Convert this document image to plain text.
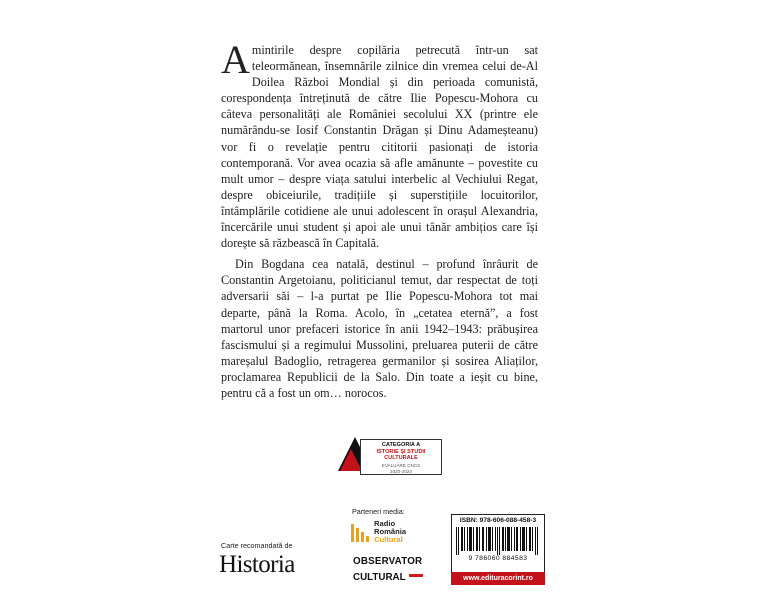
Amintirile despre copilăria petrecută într-un sat teleormănean, însemnările zilnice din vremea celui de-Al Doilea Război Mondial și din perioada comunistă, corespondența întreținută de către Ilie Popescu-Mohora cu câteva personalități ale României secolului XX (printre ele numărându-se Iosif Constantin Drăgan și Dinu Adameșteanu) vor fi o revelație pentru cititorii pasionați de istoria contemporană. Vor avea ocazia să afle amănunte – povestite cu mult umor – despre viața satului interbelic al Vechiului Regat, despre obiceiurile, tradițiile și superstițiile locuitorilor, întâmplările cotidiene ale unui adolescent în orașul Alexandria, încercările unui student și apoi ale unui tânăr ambițios care își dorește să răzbească în Capitală.

Din Bogdana cea natală, destinul – profund înrâurit de Constantin Argetoianu, politicianul temut, dar respectat de toți adversarii săi – l-a purtat pe Ilie Popescu-Mohora tot mai departe, până la Roma. Acolo, în „cetatea eternă”, a fost martorul unor prefaceri istorice în anii 1942–1943: prăbușirea fascismului și a regimului Mussolini, preluarea puterii de către mareșalul Badoglio, retragerea germanilor și sosirea Aliaților, proclamarea Republicii de la Salo. Din toate a ieșit cu bine, pentru că a fost un om… norocos.

CATEGORIA A
ISTORIE ȘI STUDII
CULTURALE
EVALUARE CNCS
2020-2024
Parteneri media:
Radio
România
Cultural
OBSERVATOR
CULTURAL
ISBN: 978-606-088-458-3
9 786060 884583
www.edituracorint.ro
Carte recomandată de
Historia
